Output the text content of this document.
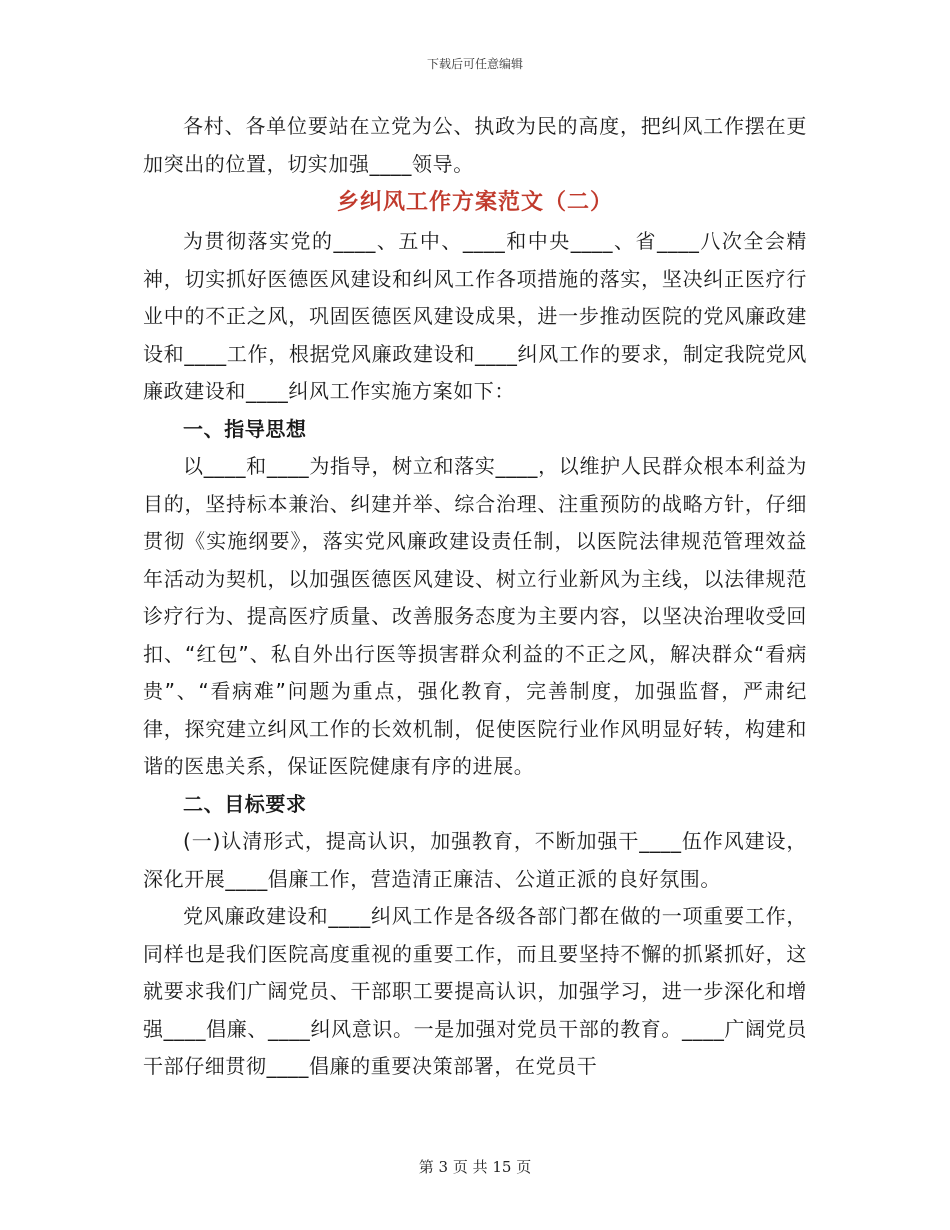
下载后可任意编辑

各村、各单位要站在立党为公、执政为民的高度，把纠风工作摆在更加突出的位置，切实加强____领导。

乡纠风工作方案范文（二）

为贯彻落实党的____、五中、____和中央____、省____八次全会精神，切实抓好医德医风建设和纠风工作各项措施的落实，坚决纠正医疗行业中的不正之风，巩固医德医风建设成果，进一步推动医院的党风廉政建设和____工作，根据党风廉政建设和____纠风工作的要求，制定我院党风廉政建设和____纠风工作实施方案如下：

一、指导思想

以____和____为指导，树立和落实____，以维护人民群众根本利益为目的，坚持标本兼治、纠建并举、综合治理、注重预防的战略方针，仔细贯彻《实施纲要》，落实党风廉政建设责任制，以医院法律规范管理效益年活动为契机，以加强医德医风建设、树立行业新风为主线，以法律规范诊疗行为、提高医疗质量、改善服务态度为主要内容，以坚决治理收受回扣、“红包”、私自外出行医等损害群众利益的不正之风，解决群众“看病贵”、“看病难”问题为重点，强化教育，完善制度，加强监督，严肃纪律，探究建立纠风工作的长效机制，促使医院行业作风明显好转，构建和谐的医患关系，保证医院健康有序的进展。

二、目标要求

(一)认清形式，提高认识，加强教育，不断加强干____伍作风建设，深化开展____倡廉工作，营造清正廉洁、公道正派的良好氛围。

党风廉政建设和____纠风工作是各级各部门都在做的一项重要工作，同样也是我们医院高度重视的重要工作，而且要坚持不懈的抓紧抓好，这就要求我们广阔党员、干部职工要提高认识，加强学习，进一步深化和增强____倡廉、____纠风意识。一是加强对党员干部的教育。____广阔党员干部仔细贯彻____倡廉的重要决策部署，在党员干

第 3 页 共 15 页
